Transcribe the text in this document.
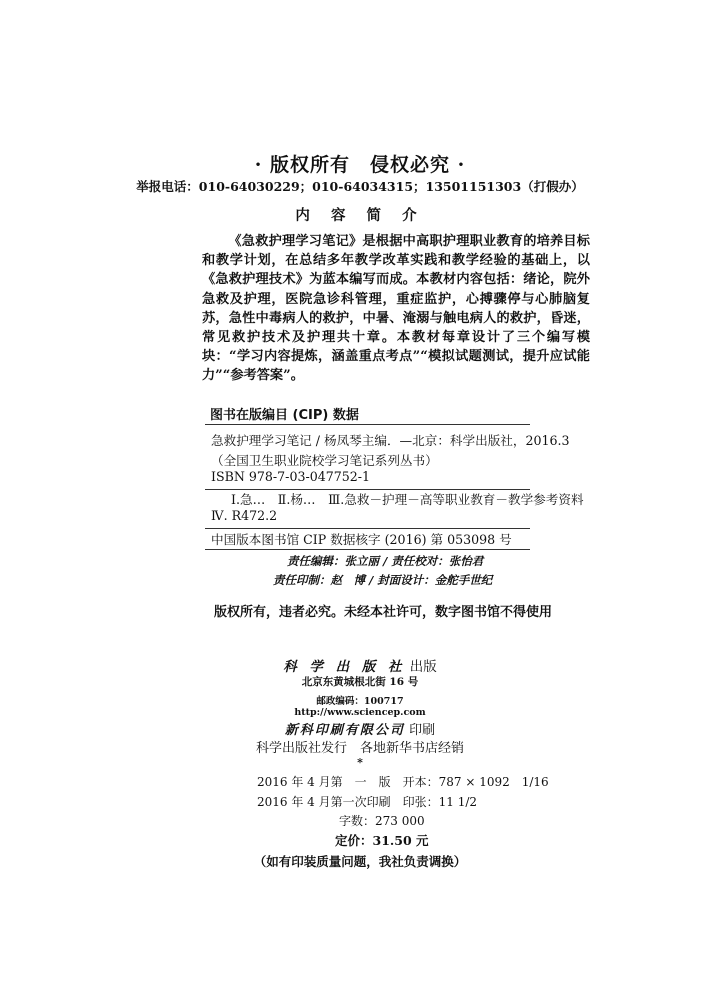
· 版权所有　侵权必究 ·
举报电话：010-64030229；010-64034315；13501151303（打假办）
内 容 简 介
《急救护理学习笔记》是根据中高职护理职业教育的培养目标和教学计划，在总结多年教学改革实践和教学经验的基础上，以《急救护理技术》为蓝本编写而成。本教材内容包括：绪论，院外急救及护理，医院急诊科管理，重症监护，心搏骤停与心肺脑复苏，急性中毒病人的救护，中暑、淹溺与触电病人的救护，昏迷，常见救护技术及护理共十章。本教材每章设计了三个编写模块：“学习内容提炼，涵盖重点考点”“模拟试题测试，提升应试能力”“参考答案”。
图书在版编目 (CIP) 数据
急救护理学习笔记 / 杨凤琴主编．—北京：科学出版社，2016.3
（全国卫生职业院校学习笔记系列丛书）
ISBN 978-7-03-047752-1
Ⅰ.急…　Ⅱ.杨…　Ⅲ.急救－护理－高等职业教育－教学参考资料
Ⅳ. R472.2
中国版本图书馆 CIP 数据核字 (2016) 第 053098 号
责任编辑：张立丽 / 责任校对：张怡君
责任印制：赵　博 / 封面设计：金舵手世纪
版权所有，违者必究。未经本社许可，数字图书馆不得使用
科 学 出 版 社 出版
北京东黄城根北街 16 号
邮政编码：100717
http://www.sciencep.com
新科印刷有限公司 印刷
科学出版社发行　各地新华书店经销
*
2016 年 4 月第　一　版　开本：787 × 1092　1/16
2016 年 4 月第一次印刷　印张：11 1/2
字数：273 000
定价：31.50 元
（如有印装质量问题，我社负责调换）
